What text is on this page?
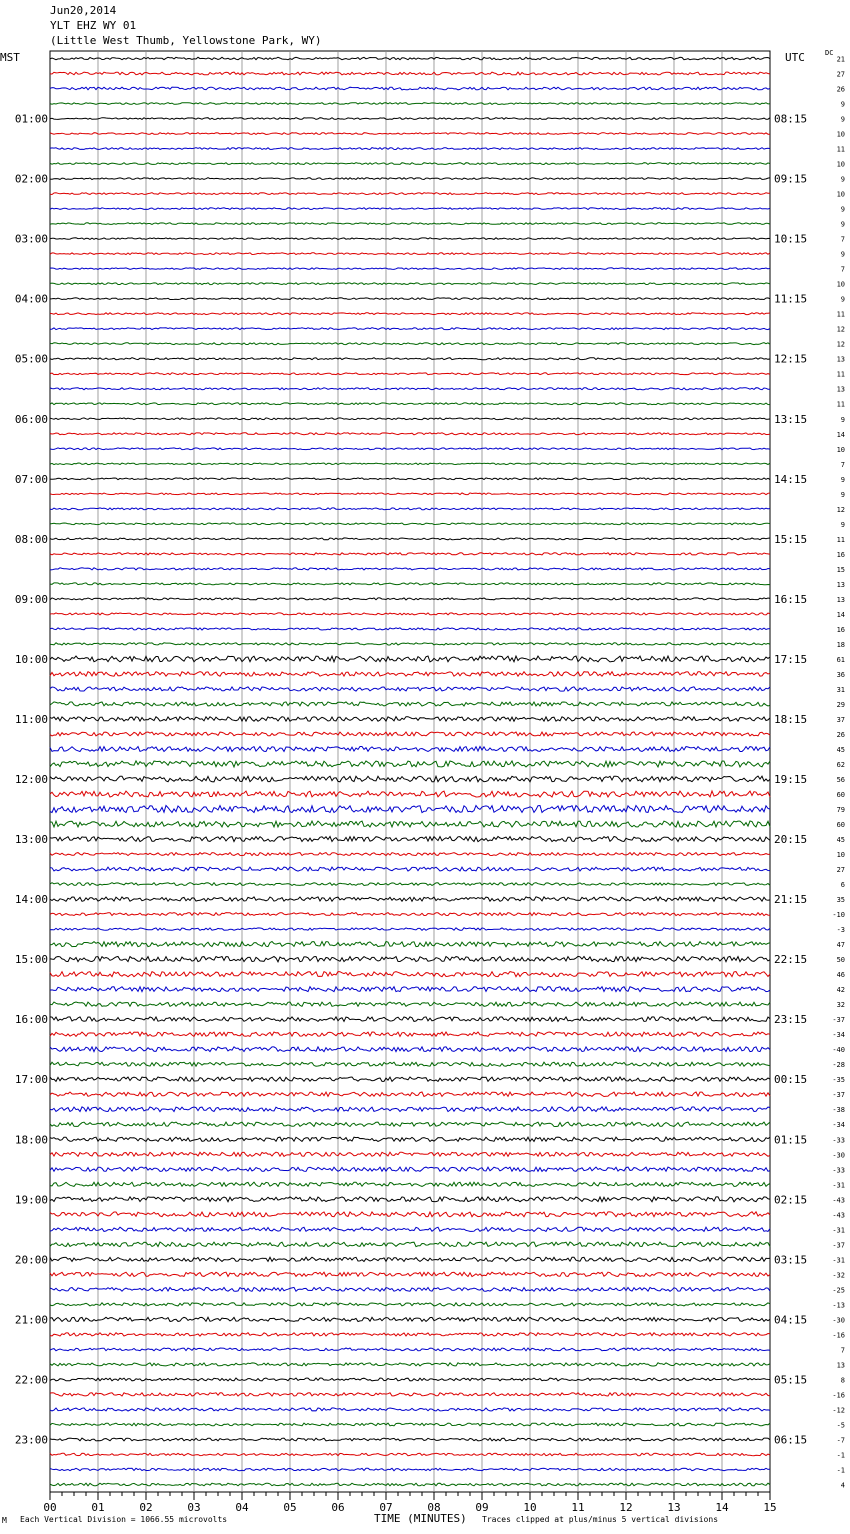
Jun20,2014
YLT EHZ WY 01
(Little West Thumb, Yellowstone Park, WY)
MST	UTC	DC
00	01	02	03	04	05	06	07	08	09	10	11	12	13	14	15
21
27
26
9
9
10
11
10
9
10
9
9
7
9
7
10
9
11
12
12
13
11
13
11
9
14
10
7
9
9
12
9
11
16
15
13
13
14
16
18
61
36
31
29
37
26
45
62
56
60
79
60
45
10
27
6
35
-10
-3
47
50
46
42
32
-37
-34
-40
-28
-35
-37
-38
-34
-33
-30
-33
-31
-43
-43
-31
-37
-31
-32
-25
-13
-30
-16
7
13
8
-16
-12
-5
-7
-1
-1
4
01:00	08:15
02:00	09:15
03:00	10:15
04:00	11:15
05:00	12:15
06:00	13:15
07:00	14:15
08:00	15:15
09:00	16:15
10:00	17:15
11:00	18:15
12:00	19:15
13:00	20:15
14:00	21:15
15:00	22:15
16:00	23:15
17:00	00:15
18:00	01:15
19:00	02:15
20:00	03:15
21:00	04:15
22:00	05:15
23:00	06:15
M Each Vertical Division = 1066.55 microvolts	TIME (MINUTES) Traces clipped at plus/minus 5 vertical divisions
